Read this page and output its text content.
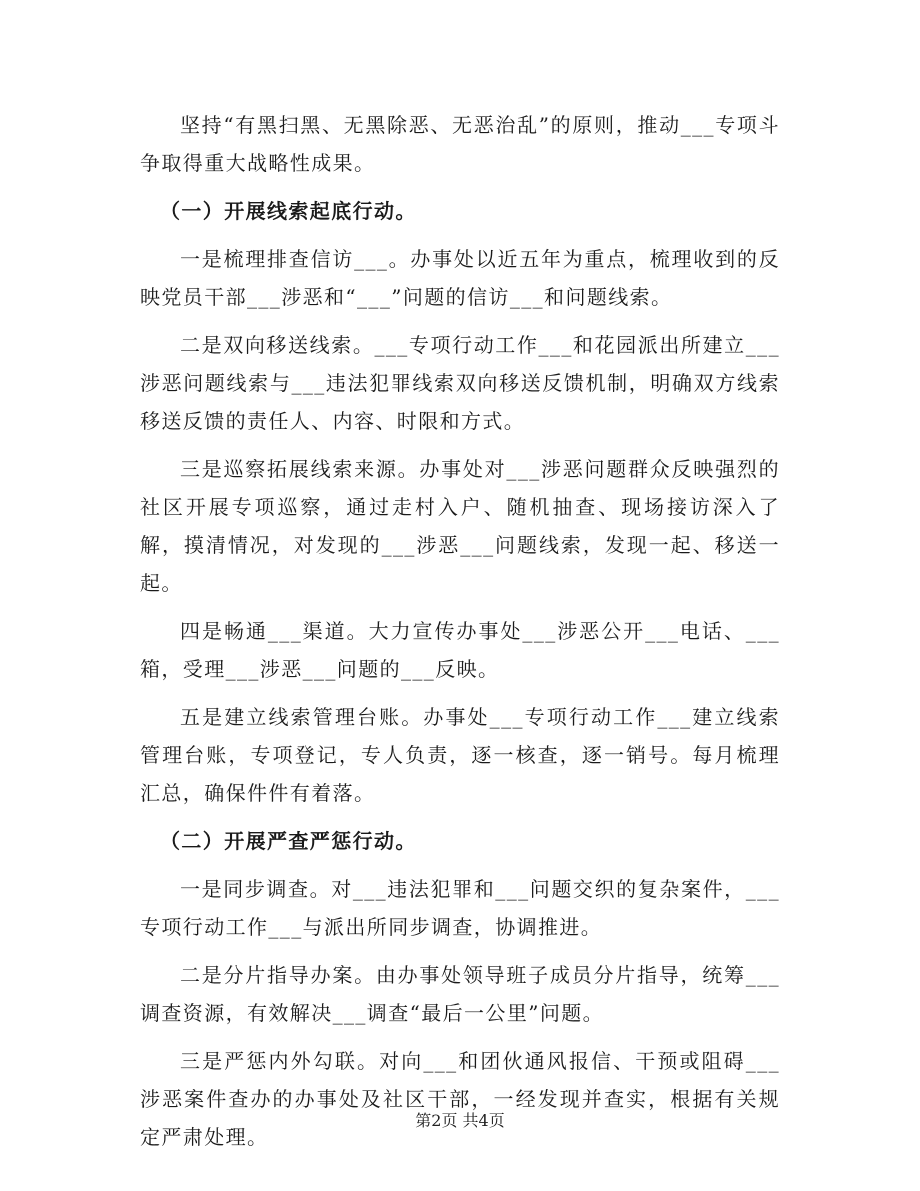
坚持“有黑扫黑、无黑除恶、无恶治乱”的原则，推动___专项斗争取得重大战略性成果。

（一）开展线索起底行动。

一是梳理排查信访___。办事处以近五年为重点，梳理收到的反映党员干部___涉恶和“___”问题的信访___和问题线索。

二是双向移送线索。___专项行动工作___和花园派出所建立___涉恶问题线索与___违法犯罪线索双向移送反馈机制，明确双方线索移送反馈的责任人、内容、时限和方式。

三是巡察拓展线索来源。办事处对___涉恶问题群众反映强烈的社区开展专项巡察，通过走村入户、随机抽查、现场接访深入了解，摸清情况，对发现的___涉恶___问题线索，发现一起、移送一起。

四是畅通___渠道。大力宣传办事处___涉恶公开___电话、___箱，受理___涉恶___问题的___反映。

五是建立线索管理台账。办事处___专项行动工作___建立线索管理台账，专项登记，专人负责，逐一核查，逐一销号。每月梳理汇总，确保件件有着落。

（二）开展严查严惩行动。

一是同步调查。对___违法犯罪和___问题交织的复杂案件，___专项行动工作___与派出所同步调查，协调推进。

二是分片指导办案。由办事处领导班子成员分片指导，统筹___调查资源，有效解决___调查“最后一公里”问题。

三是严惩内外勾联。对向___和团伙通风报信、干预或阻碍___涉恶案件查办的办事处及社区干部，一经发现并查实，根据有关规定严肃处理。

第2页 共4页
